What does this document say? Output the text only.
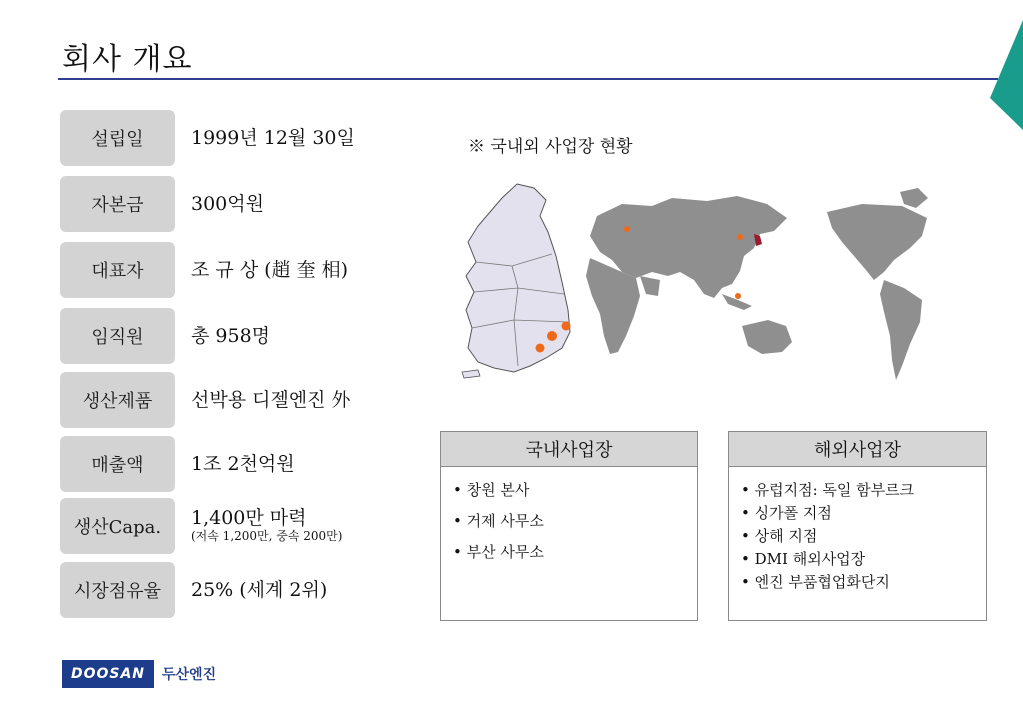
회사 개요
설립일	1999년 12월 30일
자본금	300억원
대표자	조 규 상 (趙 奎 相)
임직원	총 958명
생산제품	선박용 디젤엔진 外
매출액	1조 2천억원
생산Capa.	1,400만 마력
(저속 1,200만, 중속 200만)
시장점유율	25% (세계 2위)
※ 국내외 사업장 현황
국내사업장
• 창원 본사
• 거제 사무소
• 부산 사무소
해외사업장
• 유럽지점: 독일 함부르크
• 싱가폴 지점
• 상해 지점
• DMI 해외사업장
• 엔진 부품협업화단지
DOOSAN	두산엔진
